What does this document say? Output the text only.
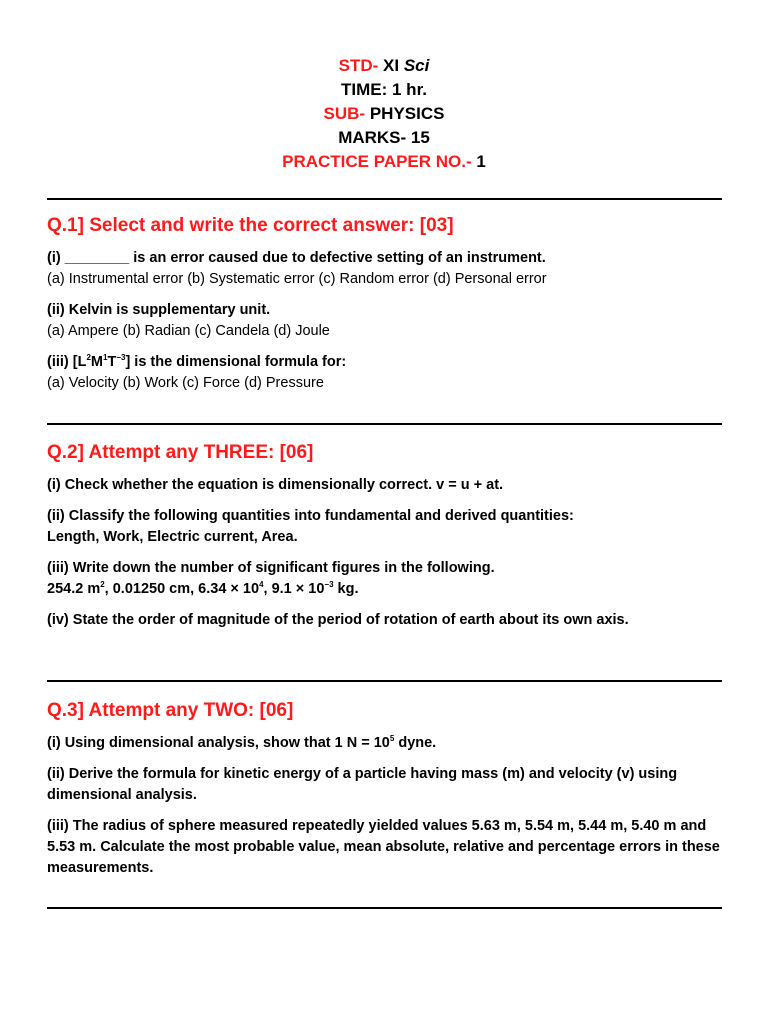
STD- XI Sci
TIME: 1 hr.
SUB- PHYSICS
MARKS- 15
PRACTICE PAPER NO.- 1
Q.1] Select and write the correct answer: [03]

(i) ________ is an error caused due to defective setting of an instrument.

(a) Instrumental error (b) Systematic error (c) Random error (d) Personal error

(ii) Kelvin is supplementary unit.

(a) Ampere (b) Radian (c) Candela (d) Joule

(iii) $[L^2M^1T^{-3}]$ is the dimensional formula for:

(a) Velocity (b) Work (c) Force (d) Pressure

Q.2] Attempt any THREE: [06]

(i) Check whether the equation is dimensionally correct. v = u + at.

(ii) Classify the following quantities into fundamental and derived quantities:

Length, Work, Electric current, Area.

(iii) Write down the number of significant figures in the following.

254.2 $m^2$, 0.01250 cm, $6.34 \times 10^4$, $9.1 \times 10^{-3}$ kg.

(iv) State the order of magnitude of the period of rotation of earth about its own axis.

Q.3] Attempt any TWO: [06]

(i) Using dimensional analysis, show that 1 $N = 10^5$ dyne.

(ii) Derive the formula for kinetic energy of a particle having mass (m) and velocity (v) using dimensional analysis.

(iii) The radius of sphere measured repeatedly yielded values 5.63 m, 5.54 m, 5.44 m, 5.40 m and 5.53 m. Calculate the most probable value, mean absolute, relative and percentage errors in these measurements.
